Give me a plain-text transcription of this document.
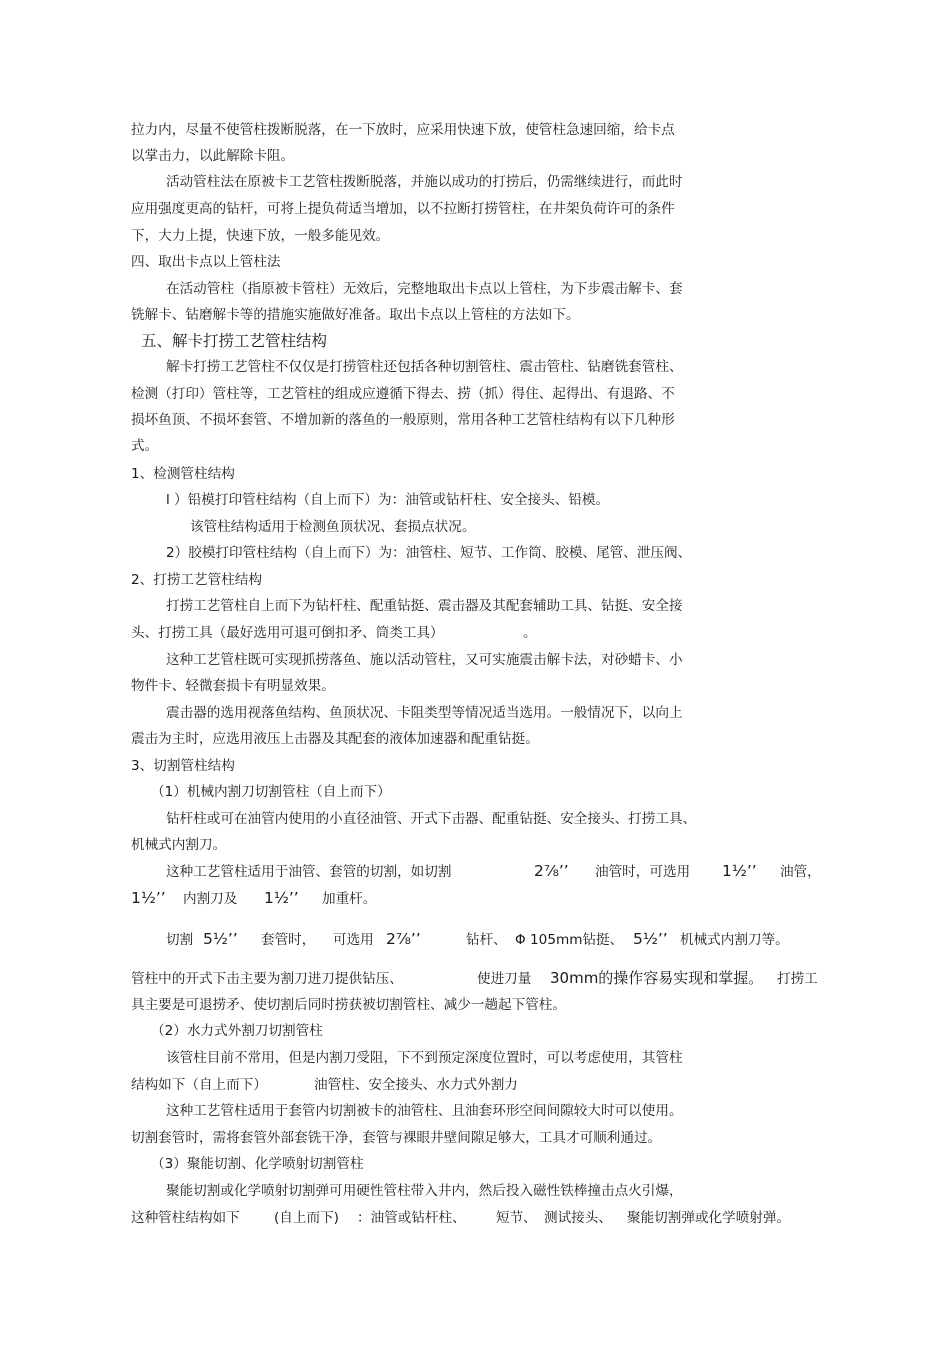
拉力内，尽量不使管柱拨断脱落，在一下放时，应采用快速下放，使管柱急速回缩，给卡点
以掌击力，以此解除卡阻。
活动管柱法在原被卡工艺管柱拨断脱落，并施以成功的打捞后，仍需继续进行，而此时
应用强度更高的钻杆，可将上提负荷适当增加，以不拉断打捞管柱，在井架负荷许可的条件
下，大力上提，快速下放，一般多能见效。
四、取出卡点以上管柱法
在活动管柱（指原被卡管柱）无效后，完整地取出卡点以上管柱，为下步震击解卡、套
铣解卡、钻磨解卡等的措施实施做好准备。取出卡点以上管柱的方法如下。
五、解卡打捞工艺管柱结构
解卡打捞工艺管柱不仅仅是打捞管柱还包括各种切割管柱、震击管柱、钻磨铣套管柱、
检测（打印）管柱等，工艺管柱的组成应遵循下得去、捞（抓）得住、起得出、有退路、不
损坏鱼顶、不损坏套管、不增加新的落鱼的一般原则，常用各种工艺管柱结构有以下几种形
式。
1、检测管柱结构
l ）铅模打印管柱结构（自上而下）为：油管或钻杆柱、安全接头、铅模。
该管柱结构适用于检测鱼顶状况、套损点状况。
2）胶模打印管柱结构（自上而下）为：油管柱、短节、工作筒、胶模、尾管、泄压阀、
2、打捞工艺管柱结构
打捞工艺管柱自上而下为钻杆柱、配重钻挺、震击器及其配套辅助工具、钻挺、安全接
头、打捞工具（最好选用可退可倒扣矛、筒类工具）	。
这种工艺管柱既可实现抓捞落鱼、施以活动管柱，又可实施震击解卡法，对砂蜡卡、小
物件卡、轻微套损卡有明显效果。
震击器的选用视落鱼结构、鱼顶状况、卡阻类型等情况适当选用。一般情况下，以向上
震击为主时，应选用液压上击器及其配套的液体加速器和配重钻挺。
3、切割管柱结构
（1）机械内割刀切割管柱（自上而下）
钻杆柱或可在油管内使用的小直径油管、开式下击器、配重钻挺、安全接头、打捞工具、
机械式内割刀。
这种工艺管柱适用于油管、套管的切割，如切割	2⅞’’ 油管时，可选用 1½’’ 油管，
1½’’ 内割刀及 1½’’ 加重杆。
切割 5½’’ 套管时， 可选用 2⅞’’	钻杆、 Φ 105mm钻挺、 5½’’ 机械式内割刀等。
管柱中的开式下击主要为割刀进刀提供钻压、	使进刀量 30mm的操作容易实现和掌握。 打捞工
具主要是可退捞矛、使切割后同时捞获被切割管柱、减少一趟起下管柱。
（2）水力式外割刀切割管柱
该管柱目前不常用，但是内割刀受阻，下不到预定深度位置时，可以考虑使用，其管柱
结构如下（自上而下）	油管柱、安全接头、水力式外割力
这种工艺管柱适用于套管内切割被卡的油管柱、且油套环形空间间隙较大时可以使用。
切割套管时，需将套管外部套铣干净，套管与裸眼井壁间隙足够大，工具才可顺利通过。
（3）聚能切割、化学喷射切割管柱
聚能切割或化学喷射切割弹可用硬性管柱带入井内，然后投入磁性铁棒撞击点火引爆，
这种管柱结构如下	(自上而下) ：油管或钻杆柱、 短节、 测试接头、 聚能切割弹或化学喷射弹。
